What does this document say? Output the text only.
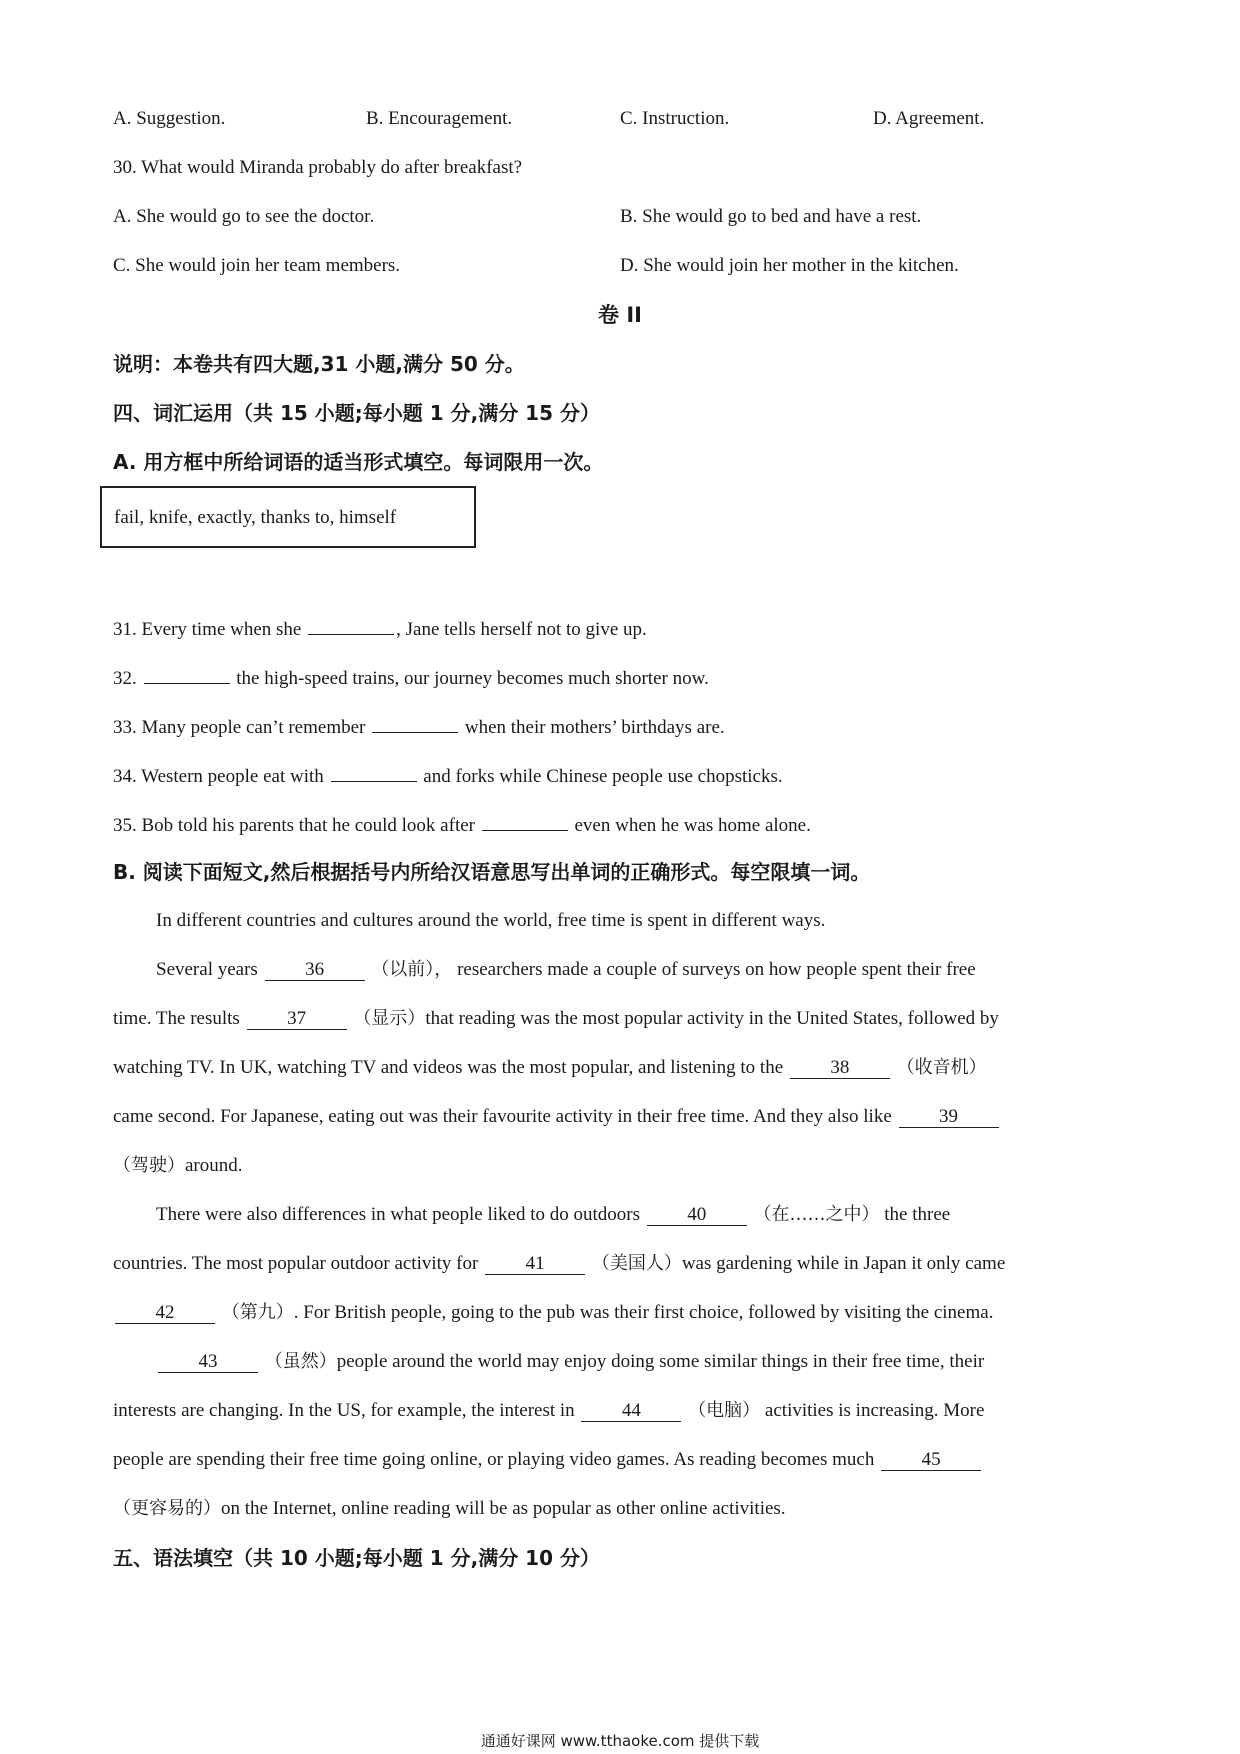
A. Suggestion.	B. Encouragement.	C. Instruction.	D. Agreement.
30. What would Miranda probably do after breakfast?
A. She would go to see the doctor.	B. She would go to bed and have a rest.
C. She would join her team members.	D. She would join her mother in the kitchen.
卷 II
说明：本卷共有四大题,31 小题,满分 50 分。
四、词汇运用（共 15 小题;每小题 1 分,满分 15 分）
A. 用方框中所给词语的适当形式填空。每词限用一次。
fail, knife, exactly, thanks to, himself
31. Every time when she	, Jane tells herself not to give up.
32.	the high-speed trains, our journey becomes much shorter now.
33. Many people can’t remember	when their mothers’ birthdays are.
34. Western people eat with	and forks while Chinese people use chopsticks.
35. Bob told his parents that he could look after	even when he was home alone.
B. 阅读下面短文,然后根据括号内所给汉语意思写出单词的正确形式。每空限填一词。
In different countries and cultures around the world, free time is spent in different ways.
Several years 36	（以前）， researchers made a couple of surveys on how people spent their free
time. The results 37	（显示）that reading was the most popular activity in the United States, followed by
watching TV. In UK, watching TV and videos was the most popular, and listening to the 38	（收音机）
came second. For Japanese, eating out was their favourite activity in their free time. And they also like 39
（驾驶）around.
There were also differences in what people liked to do outdoors 40	（在……之中） the three
countries. The most popular outdoor activity for 41	（美国人）was gardening while in Japan it only came
42	（第九）. For British people, going to the pub was their first choice, followed by visiting the cinema.
43	（虽然）people around the world may enjoy doing some similar things in their free time, their
interests are changing. In the US, for example, the interest in 44	（电脑） activities is increasing. More
people are spending their free time going online, or playing video games. As reading becomes much 45
（更容易的）on the Internet, online reading will be as popular as other online activities.
五、语法填空（共 10 小题;每小题 1 分,满分 10 分）
通通好课网 www.tthaoke.com 提供下载
